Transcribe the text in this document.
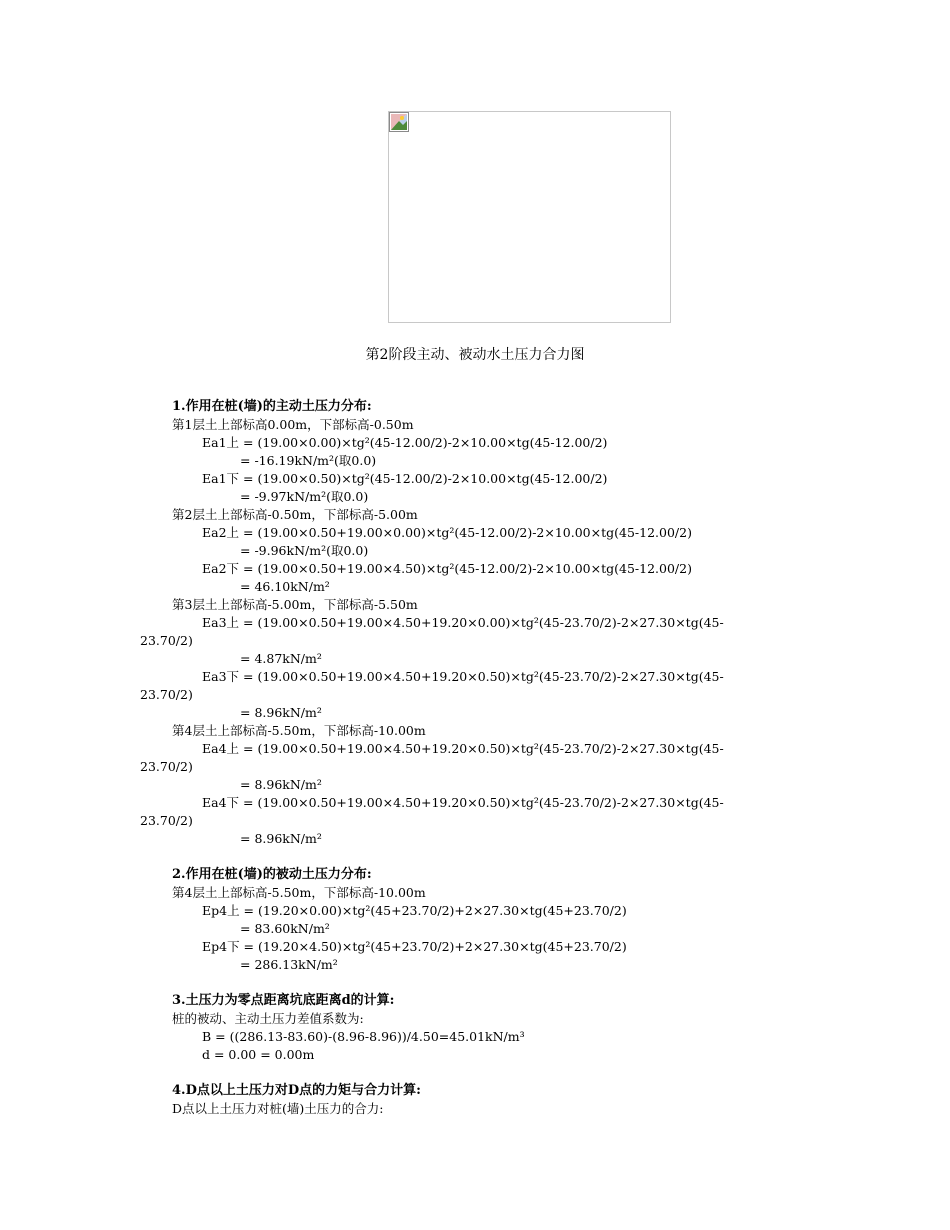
第2阶段主动、被动水土压力合力图
1.作用在桩(墙)的主动土压力分布:
第1层土上部标高0.00m，下部标高-0.50m
Ea1上 = (19.00×0.00)×tg²(45-12.00/2)-2×10.00×tg(45-12.00/2)
= -16.19kN/m²(取0.0)
Ea1下 = (19.00×0.50)×tg²(45-12.00/2)-2×10.00×tg(45-12.00/2)
= -9.97kN/m²(取0.0)
第2层土上部标高-0.50m，下部标高-5.00m
Ea2上 = (19.00×0.50+19.00×0.00)×tg²(45-12.00/2)-2×10.00×tg(45-12.00/2)
= -9.96kN/m²(取0.0)
Ea2下 = (19.00×0.50+19.00×4.50)×tg²(45-12.00/2)-2×10.00×tg(45-12.00/2)
= 46.10kN/m²
第3层土上部标高-5.00m，下部标高-5.50m
Ea3上 = (19.00×0.50+19.00×4.50+19.20×0.00)×tg²(45-23.70/2)-2×27.30×tg(45-
23.70/2)
= 4.87kN/m²
Ea3下 = (19.00×0.50+19.00×4.50+19.20×0.50)×tg²(45-23.70/2)-2×27.30×tg(45-
23.70/2)
= 8.96kN/m²
第4层土上部标高-5.50m，下部标高-10.00m
Ea4上 = (19.00×0.50+19.00×4.50+19.20×0.50)×tg²(45-23.70/2)-2×27.30×tg(45-
23.70/2)
= 8.96kN/m²
Ea4下 = (19.00×0.50+19.00×4.50+19.20×0.50)×tg²(45-23.70/2)-2×27.30×tg(45-
23.70/2)
= 8.96kN/m²
2.作用在桩(墙)的被动土压力分布:
第4层土上部标高-5.50m，下部标高-10.00m
Ep4上 = (19.20×0.00)×tg²(45+23.70/2)+2×27.30×tg(45+23.70/2)
= 83.60kN/m²
Ep4下 = (19.20×4.50)×tg²(45+23.70/2)+2×27.30×tg(45+23.70/2)
= 286.13kN/m²
3.土压力为零点距离坑底距离d的计算:
桩的被动、主动土压力差值系数为:
B = ((286.13-83.60)-(8.96-8.96))/4.50=45.01kN/m³
d = 0.00 = 0.00m
4.D点以上土压力对D点的力矩与合力计算:
D点以上土压力对桩(墙)土压力的合力:
